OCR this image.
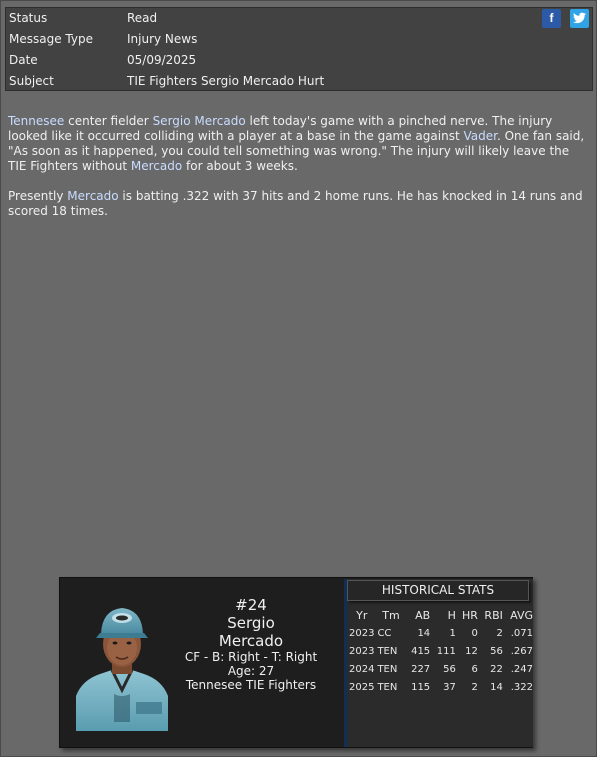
Status	Read
Message Type	Injury News
Date	05/09/2025
Subject	TIE Fighters Sergio Mercado Hurt
f

Tennesee center fielder Sergio Mercado left today's game with a pinched nerve. The injury looked like it occurred colliding with a player at a base in the game against Vader. One fan said, "As soon as it happened, you could tell something was wrong." The injury will likely leave the TIE Fighters without Mercado for about 3 weeks.

Presently Mercado is batting .322 with 37 hits and 2 home runs. He has knocked in 14 runs and scored 18 times.

#24
Sergio
Mercado
CF - B: Right - T: Right
Age: 27
Tennesee TIE Fighters
HISTORICAL STATS
Yr	Tm	AB	H	HR	RBI	AVG
2023	CC	14	1	0	2	.071
2023	TEN	415	111	12	56	.267
2024	TEN	227	56	6	22	.247
2025	TEN	115	37	2	14	.322
